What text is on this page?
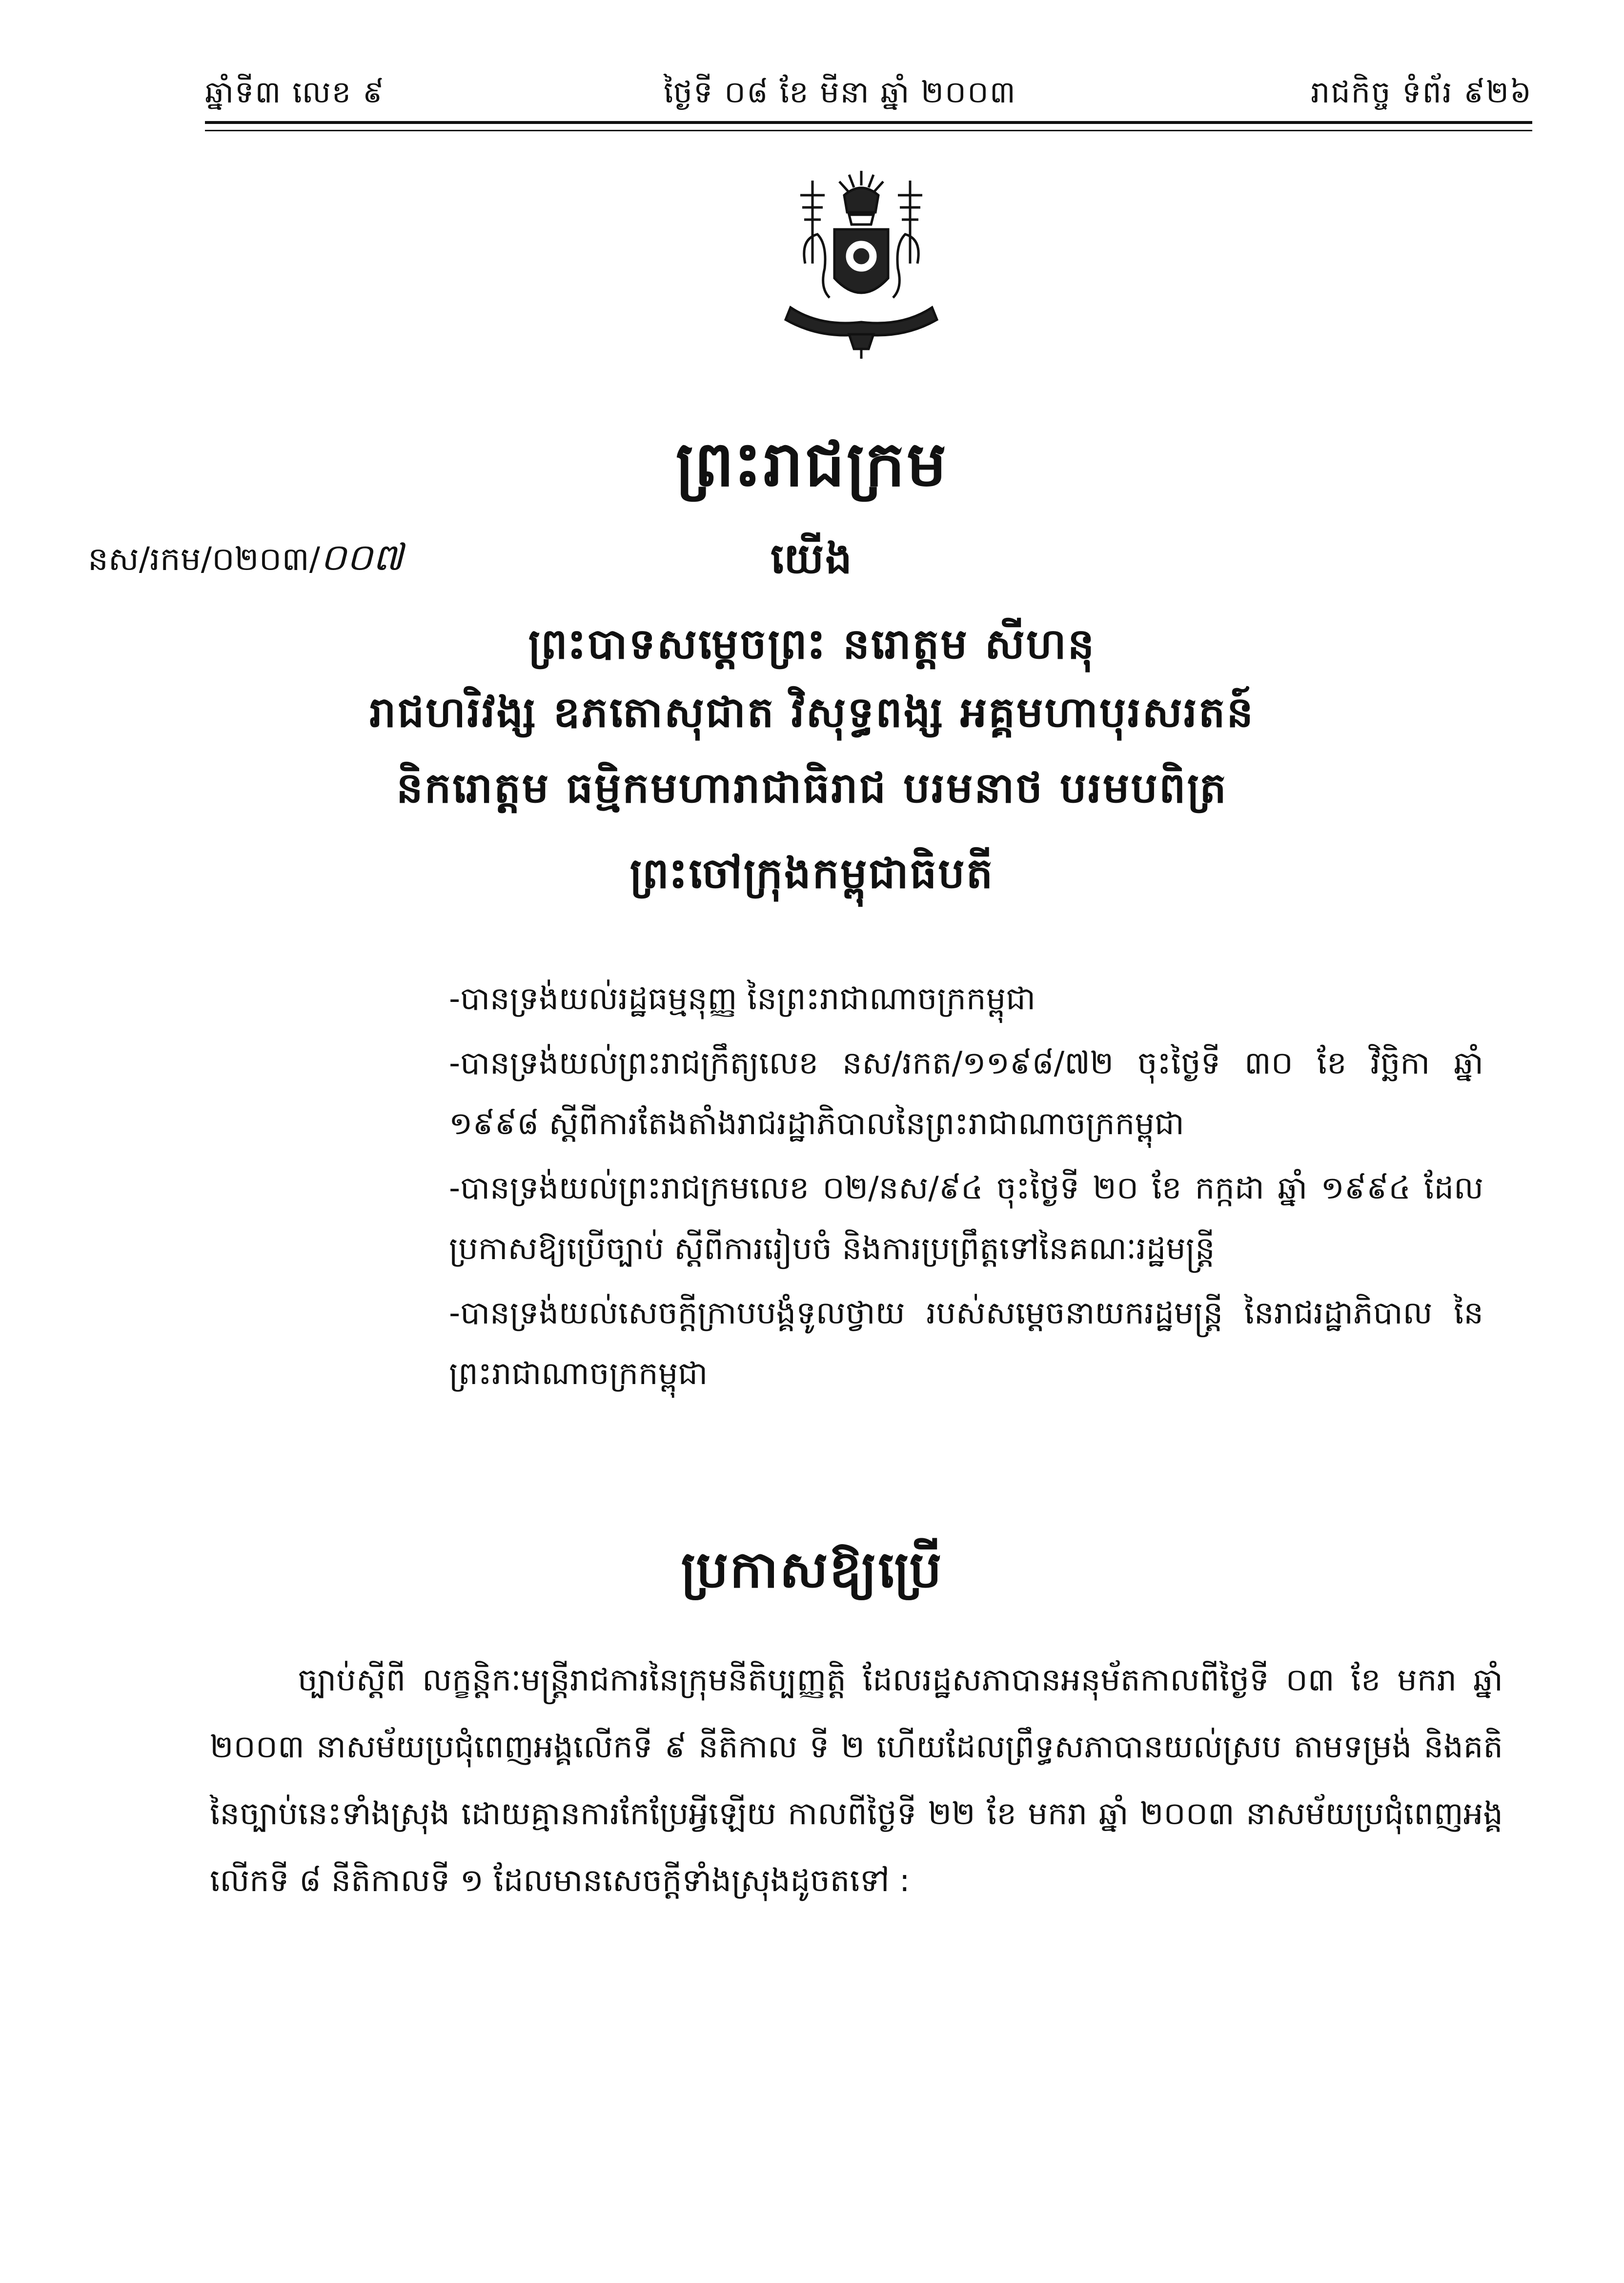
ឆ្នាំទី៣ លេខ ៩	ថ្ងៃទី ០៨ ខែ មីនា ឆ្នាំ ២០០៣	រាជកិច្ច ទំព័រ ៩២៦
ព្រះរាជក្រម
នស/រកម/០២០៣/០០៧	យើង
ព្រះបាទសម្តេចព្រះ នរោត្តម សីហនុ
រាជហរិវង្ស ឧភតោសុជាត វិសុទ្ធពង្ស អគ្គមហាបុរសរតន៍
និករោត្តម ធម្មិកមហារាជាធិរាជ បរមនាថ បរមបពិត្រ
ព្រះចៅក្រុងកម្ពុជាធិបតី

-បានទ្រង់យល់រដ្ឋធម្មនុញ្ញ នៃព្រះរាជាណាចក្រកម្ពុជា

-បានទ្រង់យល់ព្រះរាជក្រឹត្យលេខ នស/រកត/១១៩៨/៧២ ចុះថ្ងៃទី ៣០ ខែ វិច្ឆិកា ឆ្នាំ ១៩៩៨ ស្តីពីការតែងតាំងរាជរដ្ឋាភិបាលនៃព្រះរាជាណាចក្រកម្ពុជា

-បានទ្រង់យល់ព្រះរាជក្រមលេខ ០២/នស/៩៤ ចុះថ្ងៃទី ២០ ខែ កក្កដា ឆ្នាំ ១៩៩៤ ដែលប្រកាសឱ្យប្រើច្បាប់ ស្តីពីការរៀបចំ និងការប្រព្រឹត្តទៅនៃគណៈរដ្ឋមន្ត្រី

-បានទ្រង់យល់សេចក្តីក្រាបបង្គំទូលថ្វាយ របស់សម្តេចនាយករដ្ឋមន្ត្រី នៃរាជរដ្ឋាភិបាល នៃព្រះរាជាណាចក្រកម្ពុជា

ប្រកាសឱ្យប្រើ

ច្បាប់ស្តីពី លក្ខន្តិកៈមន្ត្រីរាជការនៃក្រុមនីតិប្បញ្ញត្តិ ដែលរដ្ឋសភាបានអនុម័តកាលពីថ្ងៃទី ០៣ ខែ មករា ឆ្នាំ ២០០៣ នាសម័យប្រជុំពេញអង្គលើកទី ៩ នីតិកាល ទី ២ ហើយដែលព្រឹទ្ធសភាបានយល់ស្រប តាមទម្រង់ និងគតិនៃច្បាប់នេះទាំងស្រុង ដោយគ្មានការកែប្រែអ្វីឡើយ កាលពីថ្ងៃទី ២២ ខែ មករា ឆ្នាំ ២០០៣ នាសម័យប្រជុំពេញអង្គលើកទី ៨ នីតិកាលទី ១ ដែលមានសេចក្តីទាំងស្រុងដូចតទៅ :
